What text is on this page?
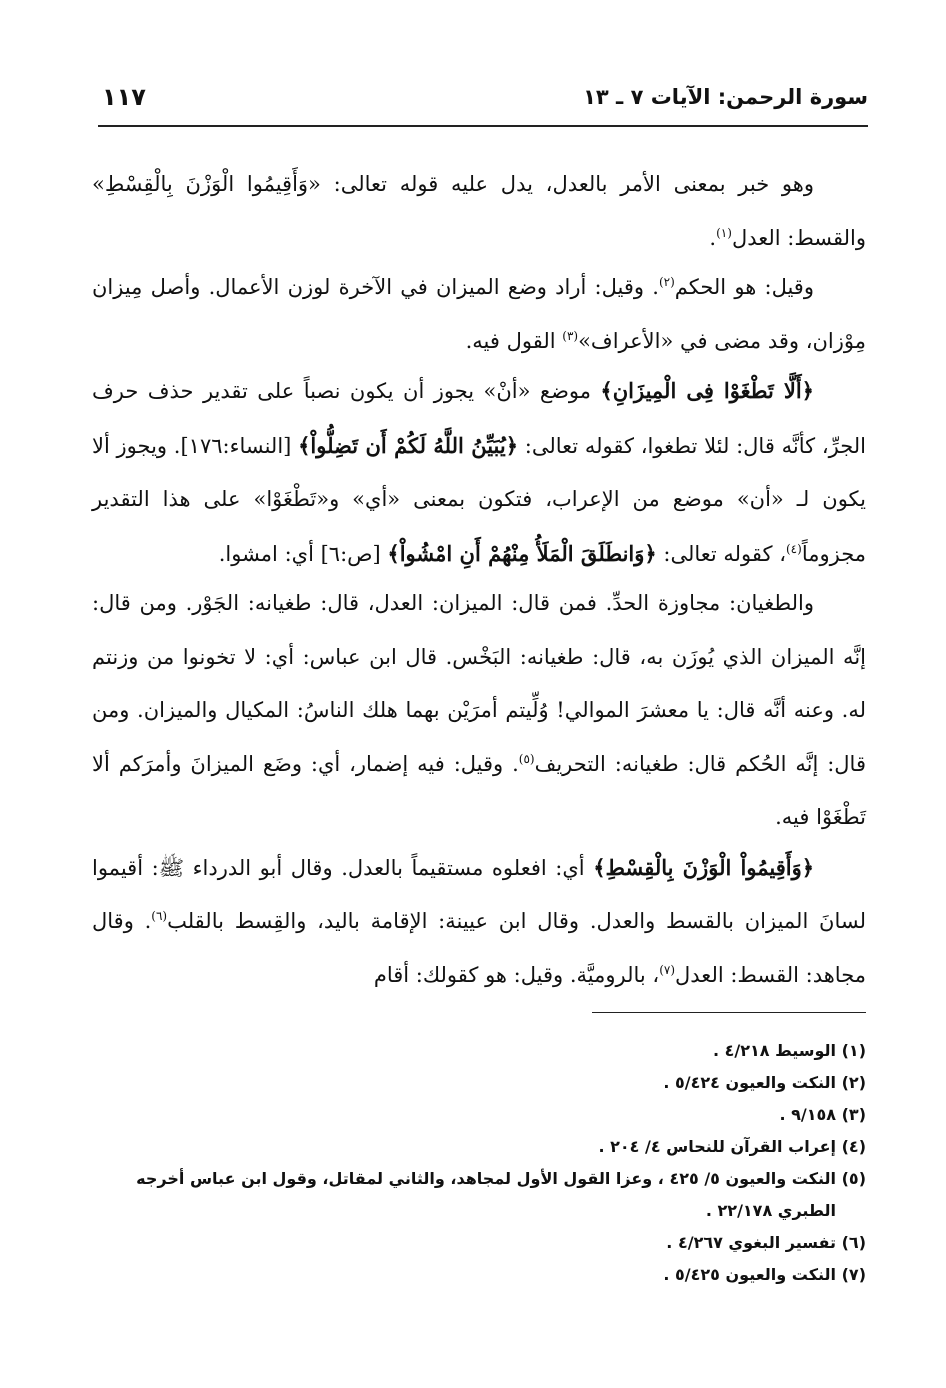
سورة الرحمن: الآيات ٧ ـ ١٣
١١٧

وهو خبر بمعنى الأمر بالعدل، يدل عليه قوله تعالى: «وَأَقِيمُوا الْوَزْنَ بِالْقِسْطِ» والقسط: العدل$^{(١)}$.

وقيل: هو الحكم$^{(٢)}$. وقيل: أراد وضع الميزان في الآخرة لوزن الأعمال. وأصل مِيزان مِوْزان، وقد مضى في «الأعراف»$^{(٣)}$ القول فيه.

﴿أَلَّا تَطْغَوْا فِى الْمِيزَانِ﴾ موضع «أنْ» يجوز أن يكون نصباً على تقدير حذف حرف الجرِّ، كأنَّه قال: لئلا تطغوا، كقوله تعالى: ﴿يُبَيِّنُ اللَّهُ لَكُمْ أَن تَضِلُّواْ﴾ [النساء:١٧٦]. ويجوز ألا يكون لـ «أن» موضع من الإعراب، فتكون بمعنى «أي» و«تَطْغَوْا» على هذا التقدير مجزوماً$^{(٤)}$، كقوله تعالى: ﴿وَانطَلَقَ الْمَلَأُ مِنْهُمْ أَنِ امْشُواْ﴾ [ص:٦] أي: امشوا.

والطغيان: مجاوزة الحدِّ. فمن قال: الميزان: العدل، قال: طغيانه: الجَوْر. ومن قال: إنَّه الميزان الذي يُوزَن به، قال: طغيانه: البَخْس. قال ابن عباس: أي: لا تخونوا من وزنتم له. وعنه أنَّه قال: يا معشرَ الموالي! وُلِّيتم أمرَيْن بهما هلك الناسُ: المكيال والميزان. ومن قال: إنَّه الحُكم قال: طغيانه: التحريف$^{(٥)}$. وقيل: فيه إضمار، أي: وضَع الميزانَ وأمرَكم ألا تَطْغَوْا فيه.

﴿وَأَقِيمُواْ الْوَزْنَ بِالْقِسْطِ﴾ أي: افعلوه مستقيماً بالعدل. وقال أبو الدرداء ﷺ: أقيموا لسانَ الميزان بالقسط والعدل. وقال ابن عيينة: الإقامة باليد، والقِسط بالقلب$^{(٦)}$. وقال مجاهد: القسط: العدل$^{(٧)}$، بالروميَّة. وقيل: هو كقولك: أقام

(١) الوسيط ٤/٢١٨ .

(٢) النكت والعيون ٥/٤٢٤ .

(٣) ٩/١٥٨ .

(٤) إعراب القرآن للنحاس ٤/ ٢٠٤ .

(٥) النكت والعيون ٥/ ٤٢٥ ، وعزا القول الأول لمجاهد، والثاني لمقاتل، وقول ابن عباس أخرجه

الطبري ٢٢/١٧٨ .

(٦) تفسير البغوي ٤/٢٦٧ .

(٧) النكت والعيون ٥/٤٢٥ .
